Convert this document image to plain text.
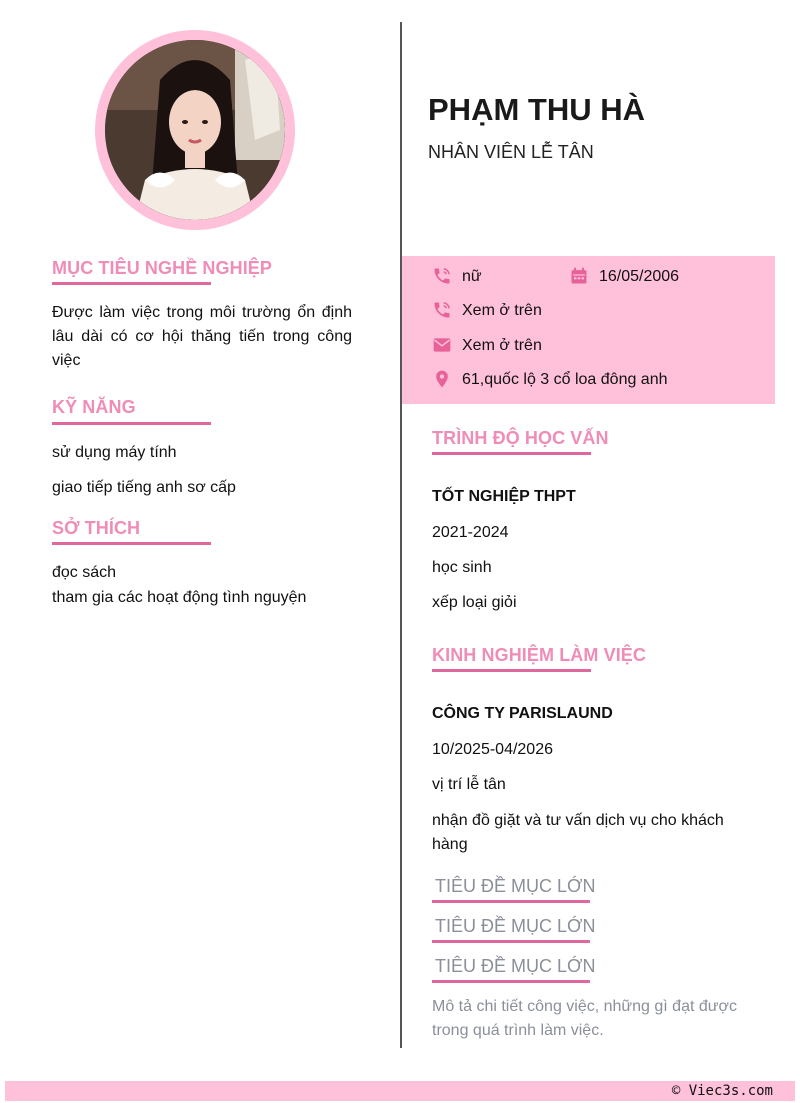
MỤC TIÊU NGHỀ NGHIỆP
Được làm việc trong môi trường ổn định lâu dài có cơ hội thăng tiến trong công việc
KỸ NĂNG
sử dụng máy tính
giao tiếp tiếng anh sơ cấp
SỞ THÍCH
đọc sách
tham gia các hoạt động tình nguyện
PHẠM THU HÀ
NHÂN VIÊN LỄ TÂN
nữ	16/05/2006
Xem ở trên
Xem ở trên
61,quốc lộ 3 cổ loa đông anh
TRÌNH ĐỘ HỌC VẤN
TỐT NGHIỆP THPT
2021-2024
học sinh
xếp loại giỏi
KINH NGHIỆM LÀM VIỆC
CÔNG TY PARISLAUND
10/2025-04/2026
vị trí lễ tân
nhận đồ giặt và tư vấn dịch vụ cho khách hàng
TIÊU ĐỀ MỤC LỚN
TIÊU ĐỀ MỤC LỚN
TIÊU ĐỀ MỤC LỚN
Mô tả chi tiết công việc, những gì đạt được trong quá trình làm việc.
© Viec3s.com
